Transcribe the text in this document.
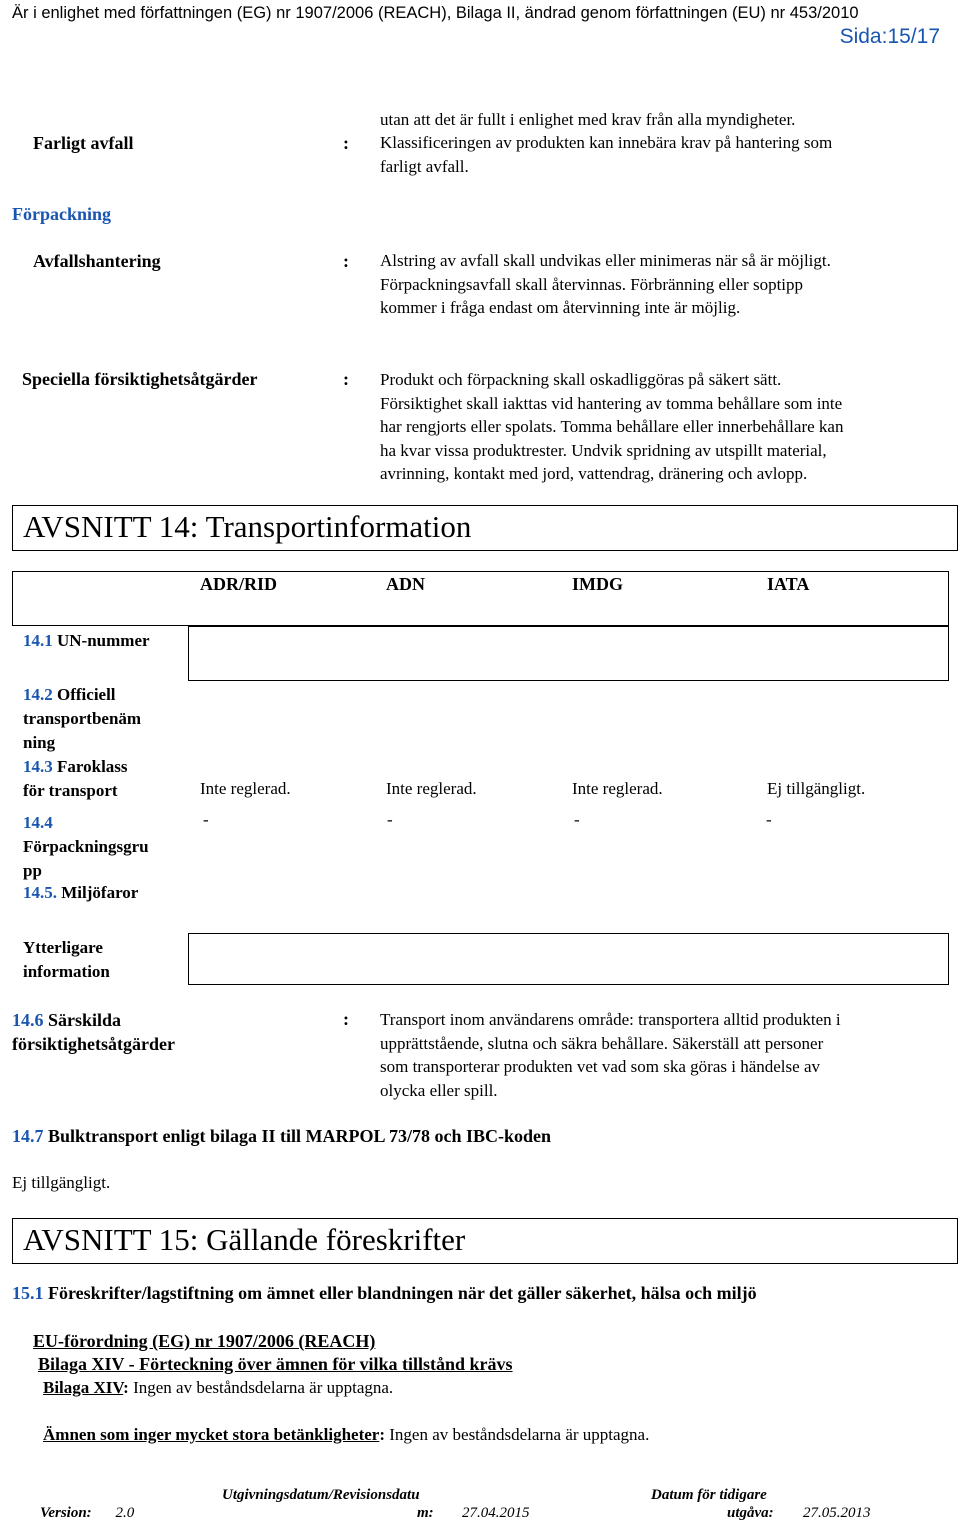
Är i enlighet med författningen (EG) nr 1907/2006 (REACH), Bilaga II, ändrad genom författningen (EU) nr 453/2010
Sida:15/17
utan att det är fullt i enlighet med krav från alla myndigheter.
Farligt avfall	: Klassificeringen av produkten kan innebära krav på hantering som
farligt avfall.
Förpackning
Avfallshantering	: Alstring av avfall skall undvikas eller minimeras när så är möjligt.
Förpackningsavfall skall återvinnas. Förbränning eller soptipp
kommer i fråga endast om återvinning inte är möjlig.
Speciella försiktighetsåtgärder	: Produkt och förpackning skall oskadliggöras på säkert sätt.
Försiktighet skall iakttas vid hantering av tomma behållare som inte
har rengjorts eller spolats. Tomma behållare eller innerbehållare kan
ha kvar vissa produktrester. Undvik spridning av utspillt material,
avrinning, kontakt med jord, vattendrag, dränering och avlopp.
AVSNITT 14: Transportinformation
ADR/RID	ADN	IMDG	IATA
14.1 UN-nummer
14.2 Officiell
transportbenäm
ning
14.3 Faroklass
för transport	Inte reglerad.	Inte reglerad.	Inte reglerad.	Ej tillgängligt.
14.4
Förpackningsgru
pp
-	-	-	-
14.5. Miljöfaror
Ytterligare
information
14.6 Särskilda
försiktighetsåtgärder
: Transport inom användarens område: transportera alltid produkten i
upprättstående, slutna och säkra behållare. Säkerställ att personer
som transporterar produkten vet vad som ska göras i händelse av
olycka eller spill.
14.7 Bulktransport enligt bilaga II till MARPOL 73/78 och IBC-koden
Ej tillgängligt.
AVSNITT 15: Gällande föreskrifter
15.1 Föreskrifter/lagstiftning om ämnet eller blandningen när det gäller säkerhet, hälsa och miljö
EU-förordning (EG) nr 1907/2006 (REACH)
Bilaga XIV - Förteckning över ämnen för vilka tillstånd krävs
Bilaga XIV: Ingen av beståndsdelarna är upptagna.
Ämnen som inger mycket stora betänkligheter: Ingen av beståndsdelarna är upptagna.
Version: 2.0
Utgivningsdatum/Revisionsdatu
m: 27.04.2015
Datum för tidigare
utgåva: 27.05.2013
